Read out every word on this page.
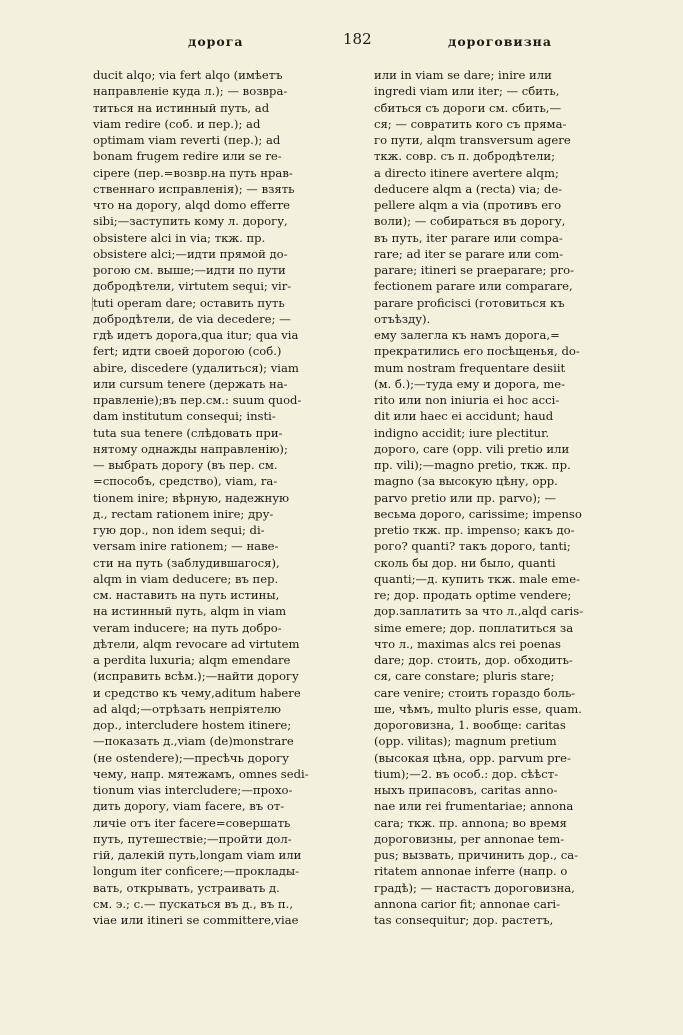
дорога	182	дороговизна
ducit alqo; via fert alqo (имѣетъ
направленіе куда л.); — возвра-
титься на истинный путь, ad
viam redire (соб. и пер.); ad
optimam viam reverti (пер.); ad
bonam frugem redire или se re-
cipere (пер.=возвр.на путь нрав-
ственнаго исправленія); — взять
что на дорогу, alqd domo efferre
sibi;—заступить кому л. дорогу,
obsistere alci in via; ткж. пр.
obsistere alci;—идти прямой до-
рогою см. выше;—идти по пути
добродѣтели, virtutem sequi; vir-
tuti operam dare; оставить путь
добродѣтели, de via decedere; —
гдѣ идетъ дорога,qua itur; qua via
fert; идти своей дорогою (соб.)
abire, discedere (удалиться); viam
или cursum tenere (держать на-
правленіе);въ пер.см.: suum quod-
dam institutum consequi; insti-
tuta sua tenere (слѣдовать при-
нятому однажды направленію);
— выбрать дорогу (въ пер. см.
=способъ, средство), viam, ra-
tionem inire; вѣрную, надежную
д., rectam rationem inire; дру-
гую дор., non idem sequi; di-
versam inire rationem; — наве-
сти на путь (заблудившагося),
alqm in viam deducere; въ пер.
см. наставить на путь истины,
на истинный путь, alqm in viam
veram inducere; на путь добро-
дѣтели, alqm revocare ad virtutem
a perdita luxuria; alqm emendare
(исправить всѣм.);—найти дорогу
и средство къ чему,aditum habere
ad alqd;—отрѣзать непріятелю
дор., intercludere hostem itinere;
—показать д.,viam (de)monstrare
(не ostendere);—пресѣчь дорогу
чему, напр. мятежамъ, omnes sedi-
tionum vias intercludere;—прохо-
дить дорогу, viam facere, въ от-
личіе отъ iter facere=совершать
путь, путешествіе;—пройти дол-
гій, далекій путь,longam viam или
longum iter conficere;—проклады-
вать, открывать, устраивать д.
см. э.; с.— пускаться въ д., въ п.,
viae или itineri se committere,viae
или in viam se dare; inire или
ingredi viam или iter; — сбить,
сбиться съ дороги см. сбить,—
ся; — совратить кого съ пряма-
го пути, alqm transversum agere
ткж. совр. съ п. добродѣтели;
a directo itinere avertere alqm;
deducere alqm a (recta) via; de-
pellere alqm a via (противъ его
воли); — собираться въ дорогу,
въ путь, iter parare или compa-
rare; ad iter se parare или com-
parare; itineri se praeparare; pro-
fectionem parare или comparare,
parare proficisci (готовиться къ
отъѣзду).
ему залегла къ намъ дорога,=
прекратились его посѣщенья, do-
mum nostram frequentare desiit
(м. б.);—туда ему и дорога, me-
rito или non iniuria ei hoc acci-
dit или haec ei accidunt; haud
indigno accidit; iure plectitur.
дорого, care (opp. vili pretio или
пр. vili);—magno pretio, ткж. пр.
magno (за высокую цѣну, opp.
parvo pretio или пр. parvo); —
весьма дорого, carissime; impenso
pretio ткж. пр. impenso; какъ до-
рого? quanti? такъ дорого, tanti;
сколь бы дор. ни было, quanti
quanti;—д. купить ткж. male eme-
re; дор. продать optime vendere;
дор.заплатить за что л.,alqd caris-
sime emere; дор. поплатиться за
что л., maximas alcs rei poenas
dare; дор. стоить, дор. обходить-
ся, care constare; pluris stare;
care venire; стоить гораздо боль-
ше, чѣмъ, multo pluris esse, quam.
дороговизна, 1. вообще: caritas
(opp. vilitas); magnum pretium
(высокая цѣна, opp. parvum pre-
tium);—2. въ особ.: дор. сѣѣст-
ныхъ припасовъ, caritas anno-
nae или rei frumentariae; annona
cara; ткж. пр. annona; во время
дороговизны, per annonae tem-
pus; вызвать, причинить дор., ca-
ritatem annonae inferre (напр. о
градѣ); — настастъ дороговизна,
annona carior fit; annonae cari-
tas consequitur; дор. растетъ,
